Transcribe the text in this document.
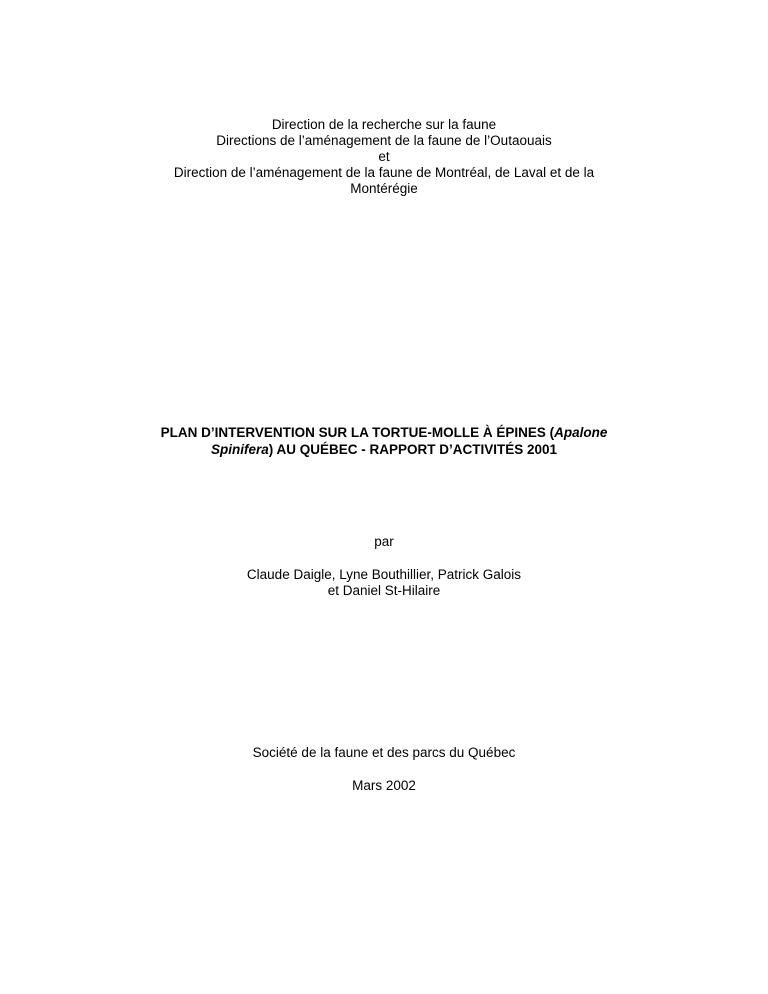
Direction de la recherche sur la faune
Directions de l’aménagement de la faune de l’Outaouais
et
Direction de l’aménagement de la faune de Montréal, de Laval et de la
Montérégie
PLAN D’INTERVENTION SUR LA TORTUE-MOLLE À ÉPINES (Apalone
Spinifera) AU QUÉBEC - RAPPORT D’ACTIVITÉS 2001
par
Claude Daigle, Lyne Bouthillier, Patrick Galois
et Daniel St-Hilaire
Société de la faune et des parcs du Québec
Mars 2002
